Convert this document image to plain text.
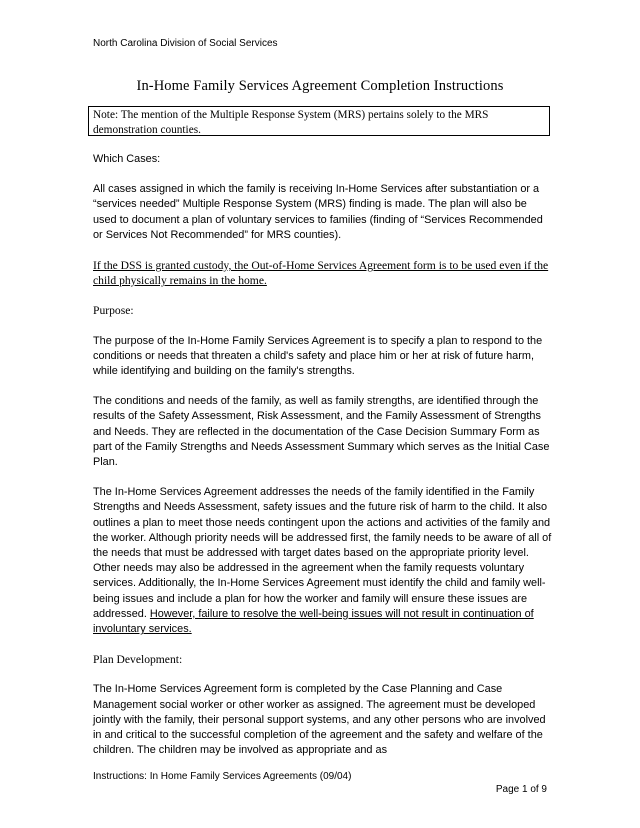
North Carolina Division of Social Services
In-Home Family Services Agreement Completion Instructions
Note: The mention of the Multiple Response System (MRS) pertains solely to the MRS demonstration counties.

Which Cases:

All cases assigned in which the family is receiving In-Home Services after substantiation or a “services needed” Multiple Response System (MRS) finding is made. The plan will also be used to document a plan of voluntary services to families (finding of “Services Recommended or Services Not Recommended” for MRS counties).

If the DSS is granted custody, the Out-of-Home Services Agreement form is to be used even if the child physically remains in the home.

Purpose:

The purpose of the In-Home Family Services Agreement is to specify a plan to respond to the conditions or needs that threaten a child's safety and place him or her at risk of future harm, while identifying and building on the family's strengths.

The conditions and needs of the family, as well as family strengths, are identified through the results of the Safety Assessment, Risk Assessment, and the Family Assessment of Strengths and Needs. They are reflected in the documentation of the Case Decision Summary Form as part of the Family Strengths and Needs Assessment Summary which serves as the Initial Case Plan.

The In-Home Services Agreement addresses the needs of the family identified in the Family Strengths and Needs Assessment, safety issues and the future risk of harm to the child. It also outlines a plan to meet those needs contingent upon the actions and activities of the family and the worker. Although priority needs will be addressed first, the family needs to be aware of all of the needs that must be addressed with target dates based on the appropriate priority level. Other needs may also be addressed in the agreement when the family requests voluntary services. Additionally, the In-Home Services Agreement must identify the child and family well-being issues and include a plan for how the worker and family will ensure these issues are addressed. However, failure to resolve the well-being issues will not result in continuation of involuntary services.

Plan Development:

The In-Home Services Agreement form is completed by the Case Planning and Case Management social worker or other worker as assigned. The agreement must be developed jointly with the family, their personal support systems, and any other persons who are involved in and critical to the successful completion of the agreement and the safety and welfare of the children. The children may be involved as appropriate and as

Instructions: In Home Family Services Agreements (09/04)
Page 1 of 9
